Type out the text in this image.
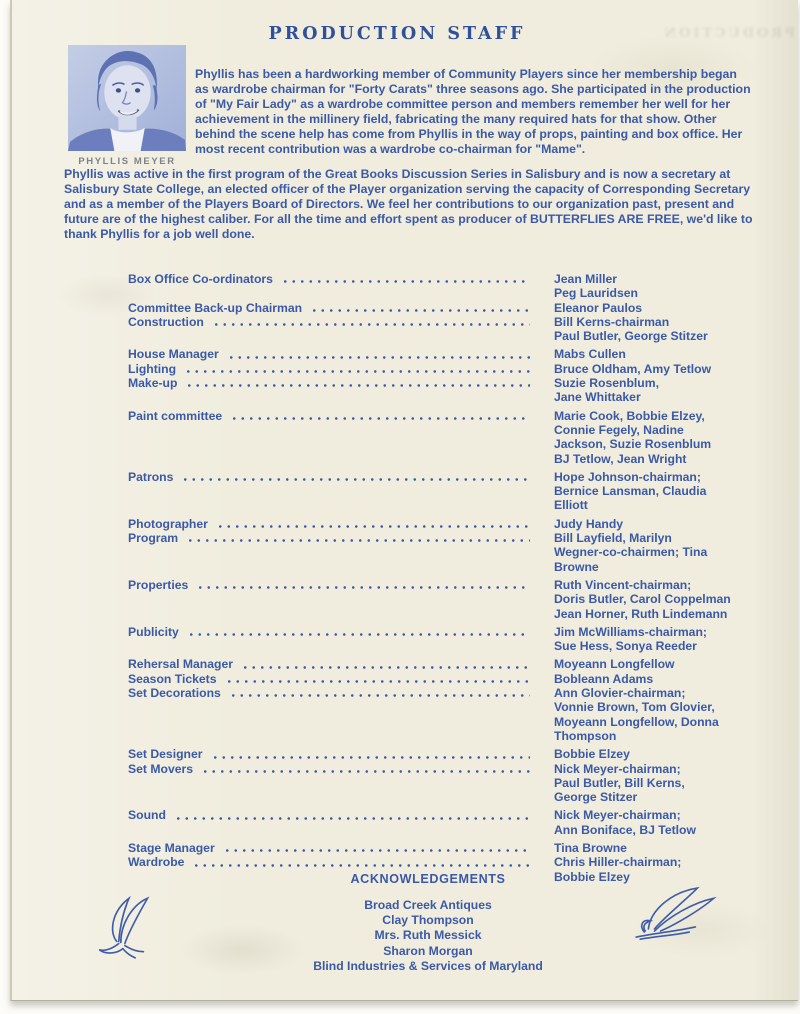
PRODUCTION
PRODUCTION STAFF
PHYLLIS MEYER

Phyllis has been a hardworking member of Community Players since her membership began as wardrobe chairman for "Forty Carats" three seasons ago. She participated in the production of "My Fair Lady" as a wardrobe committee person and members remember her well for her achievement in the millinery field, fabricating the many required hats for that show. Other behind the scene help has come from Phyllis in the way of props, painting and box office. Her most recent contribution was a wardrobe co-chairman for "Mame".

Phyllis was active in the first program of the Great Books Discussion Series in Salisbury and is now a secretary at Salisbury State College, an elected officer of the Player organization serving the capacity of Corresponding Secretary and as a member of the Players Board of Directors. We feel her contributions to our organization past, present and future are of the highest caliber. For all the time and effort spent as producer of BUTTERFLIES ARE FREE, we'd like to thank Phyllis for a job well done.

Box Office Co-ordinators	Jean Miller
Peg Lauridsen
Committee Back-up Chairman	Eleanor Paulos
Construction	Bill Kerns-chairman
Paul Butler, George Stitzer
House Manager	Mabs Cullen
Lighting	Bruce Oldham, Amy Tetlow
Make-up	Suzie Rosenblum,
Jane Whittaker
Paint committee	Marie Cook, Bobbie Elzey,
Connie Fegely, Nadine
Jackson, Suzie Rosenblum
BJ Tetlow, Jean Wright
Patrons	Hope Johnson-chairman;
Bernice Lansman, Claudia
Elliott
Photographer	Judy Handy
Program	Bill Layfield, Marilyn
Wegner-co-chairmen; Tina
Browne
Properties	Ruth Vincent-chairman;
Doris Butler, Carol Coppelman
Jean Horner, Ruth Lindemann
Publicity	Jim McWilliams-chairman;
Sue Hess, Sonya Reeder
Rehersal Manager	Moyeann Longfellow
Season Tickets	Bobleann Adams
Set Decorations	Ann Glovier-chairman;
Vonnie Brown, Tom Glovier,
Moyeann Longfellow, Donna
Thompson
Set Designer	Bobbie Elzey
Set Movers	Nick Meyer-chairman;
Paul Butler, Bill Kerns,
George Stitzer
Sound	Nick Meyer-chairman;
Ann Boniface, BJ Tetlow
Stage Manager	Tina Browne
Wardrobe	Chris Hiller-chairman;
Bobbie Elzey
ACKNOWLEDGEMENTS
Broad Creek Antiques
Clay Thompson
Mrs. Ruth Messick
Sharon Morgan
Blind Industries & Services of Maryland
